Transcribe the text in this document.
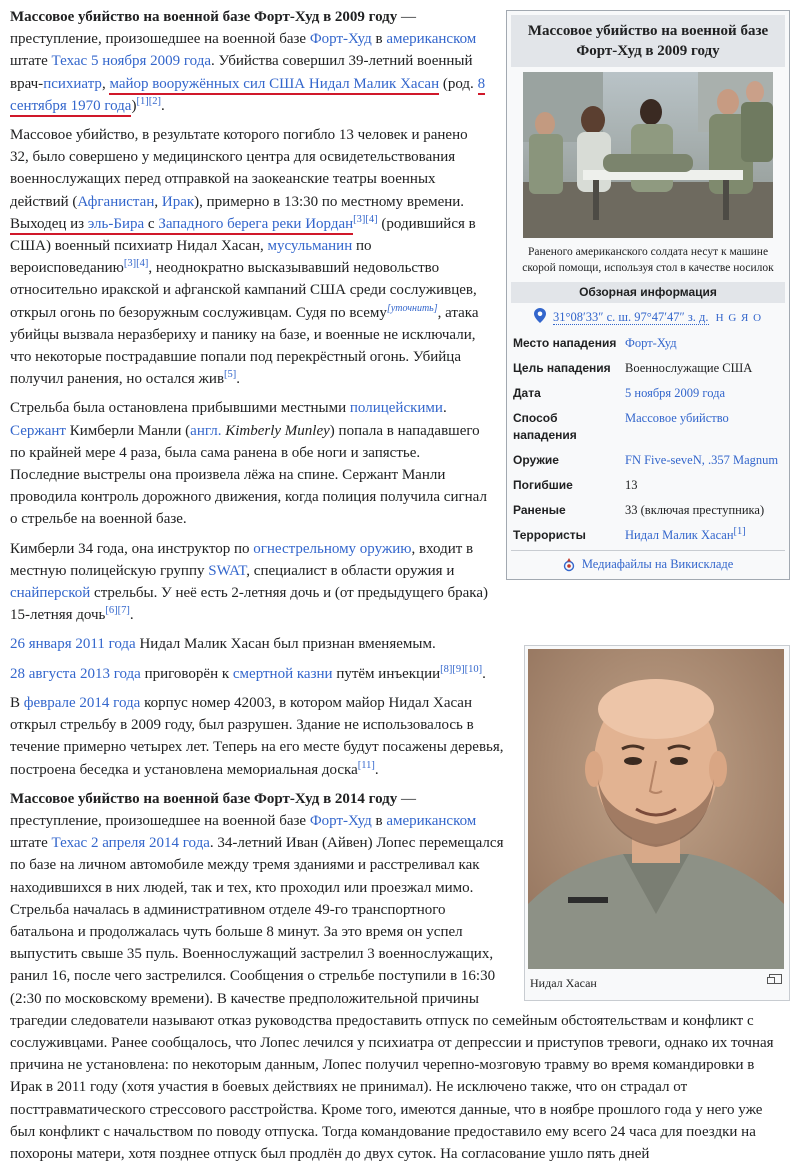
Массовое убийство на военной базе Форт-Худ в 2009 году
Раненого американского солдата несут к машине скорой помощи, используя стол в качестве носилок
Обзорная информация
31°08′33″ с. ш. 97°47′47″ з. д. H G Я O
Место нападения	Форт-Худ
Цель нападения	Военнослужащие США
Дата	5 ноября 2009 года
Способ нападения	Массовое убийство
Оружие	FN Five-seveN, .357 Magnum
Погибшие	13
Раненые	33 (включая преступника)
Террористы	Нидал Малик Хасан[1]
Медиафайлы на Викискладе

Массовое убийство на военной базе Форт-Худ в 2009 году — преступление, произошедшее на военной базе Форт-Худ в американском штате Техас 5 ноября 2009 года. Убийства совершил 39-летний военный врач-психиатр, майор вооружённых сил США Нидал Малик Хасан (род. 8 сентября 1970 года)[1][2].

Массовое убийство, в результате которого погибло 13 человек и ранено 32, было совершено у медицинского центра для освидетельствования военнослужащих перед отправкой на заокеанские театры военных действий (Афганистан, Ирак), примерно в 13:30 по местному времени. Выходец из эль-Бира с Западного берега реки Иордан[3][4] (родившийся в США) военный психиатр Нидал Хасан, мусульманин по вероисповеданию[3][4], неоднократно высказывавший недовольство относительно иракской и афганской кампаний США среди сослуживцев, открыл огонь по безоружным сослуживцам. Судя по всему[уточнить], атака убийцы вызвала неразбериху и панику на базе, и военные не исключали, что некоторые пострадавшие попали под перекрёстный огонь. Убийца получил ранения, но остался жив[5].

Стрельба была остановлена прибывшими местными полицейскими. Сержант Кимберли Манли (англ. Kimberly Munley) попала в нападавшего по крайней мере 4 раза, была сама ранена в обе ноги и запястье. Последние выстрелы она произвела лёжа на спине. Сержант Манли проводила контроль дорожного движения, когда полиция получила сигнал о стрельбе на военной базе.

Кимберли 34 года, она инструктор по огнестрельному оружию, входит в местную полицейскую группу SWAT, специалист в области оружия и снайперской стрельбы. У неё есть 2-летняя дочь и (от предыдущего брака) 15-летняя дочь[6][7].

Нидал Хасан

26 января 2011 года Нидал Малик Хасан был признан вменяемым.

28 августа 2013 года приговорён к смертной казни путём инъекции[8][9][10].

В феврале 2014 года корпус номер 42003, в котором майор Нидал Хасан открыл стрельбу в 2009 году, был разрушен. Здание не использовалось в течение примерно четырех лет. Теперь на его месте будут посажены деревья, построена беседка и установлена мемориальная доска[11].

Массовое убийство на военной базе Форт-Худ в 2014 году — преступление, произошедшее на военной базе Форт-Худ в американском штате Техас 2 апреля 2014 года. 34-летний Иван (Айвен) Лопес перемещался по базе на личном автомобиле между тремя зданиями и расстреливал как находившихся в них людей, так и тех, кто проходил или проезжал мимо. Стрельба началась в административном отделе 49-го транспортного батальона и продолжалась чуть больше 8 минут. За это время он успел выпустить свыше 35 пуль. Военнослужащий застрелил 3 военнослужащих, ранил 16, после чего застрелился. Сообщения о стрельбе поступили в 16:30 (2:30 по московскому времени). В качестве предположительной причины трагедии следователи называют отказ руководства предоставить отпуск по семейным обстоятельствам и конфликт с сослуживцами. Ранее сообщалось, что Лопес лечился у психиатра от депрессии и приступов тревоги, однако их точная причина не установлена: по некоторым данным, Лопес получил черепно-мозговую травму во время командировки в Ирак в 2011 году (хотя участия в боевых действиях не принимал). Не исключено также, что он страдал от посттравматического стрессового расстройства. Кроме того, имеются данные, что в ноябре прошлого года у него уже был конфликт с начальством по поводу отпуска. Тогда командование предоставило ему всего 24 часа для поездки на похороны матери, хотя позднее отпуск был продлён до двух суток. На согласование ушло пять дней
